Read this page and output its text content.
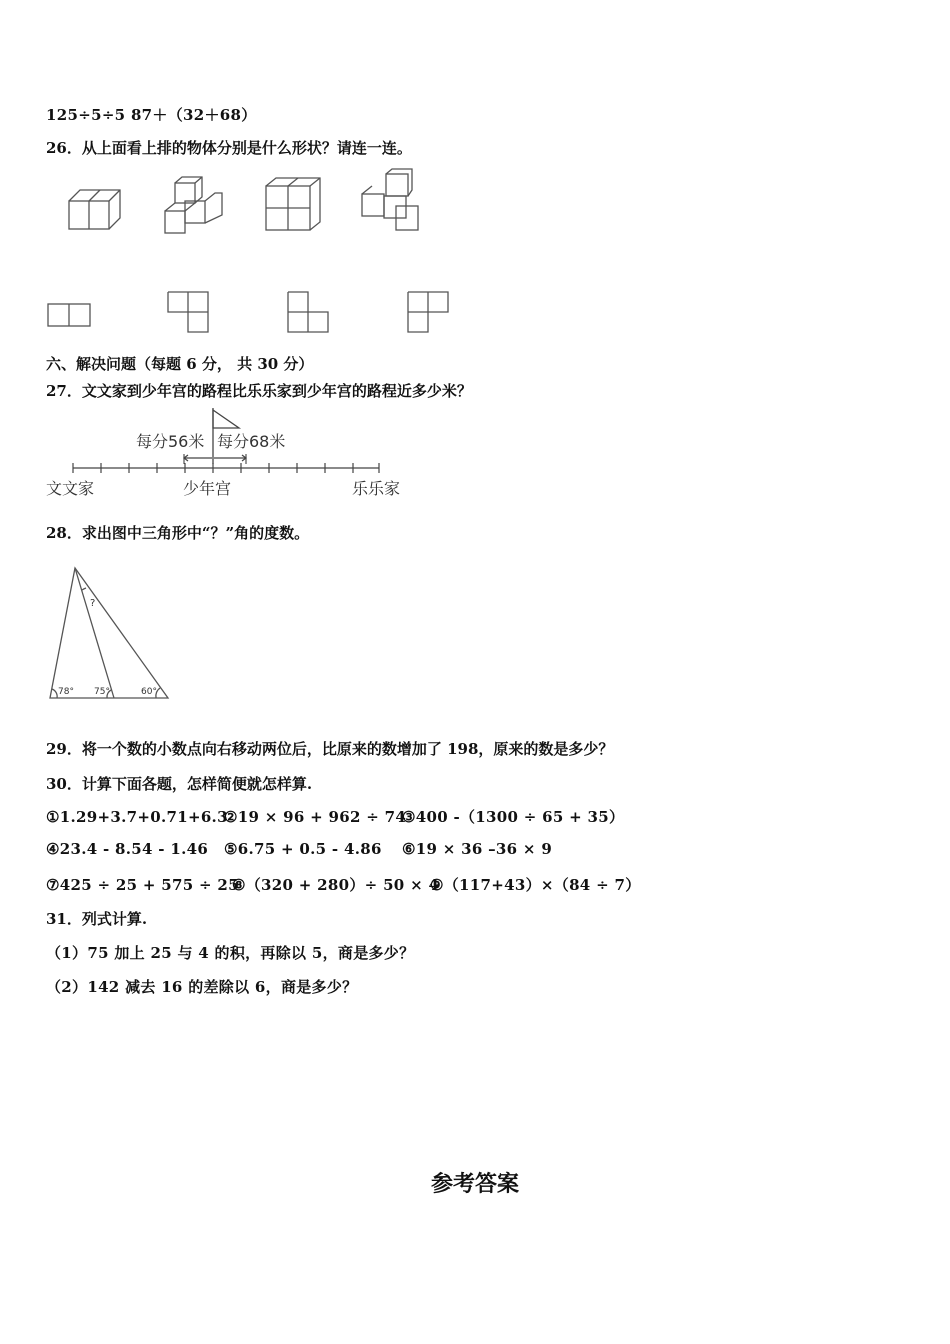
125÷5÷5 87＋（32＋68）
26．从上面看上排的物体分别是什么形状？请连一连。
六、解决问题（每题 6 分， 共 30 分）
27．文文家到少年宫的路程比乐乐家到少年宫的路程近多少米？
每分56米 每分68米
文文家	少年宫	乐乐家
28．求出图中三角形中“？”角的度数。
?
78° 75°	60°
29．将一个数的小数点向右移动两位后，比原来的数增加了 198，原来的数是多少？
30．计算下面各题，怎样简便就怎样算.
①1.29+3.7+0.71+6.3②19 × 96 + 962 ÷ 74③400 -（1300 ÷ 65 + 35）
④23.4 - 8.54 - 1.46 ⑤6.75 + 0.5 - 4.86 ⑥19 × 36 –36 × 9
⑦425 ÷ 25 + 575 ÷ 25⑧（320 + 280）÷ 50 × 4⑨（117+43）×（84 ÷ 7）
31．列式计算.
（1）75 加上 25 与 4 的积，再除以 5，商是多少？
（2）142 减去 16 的差除以 6，商是多少？
参考答案
